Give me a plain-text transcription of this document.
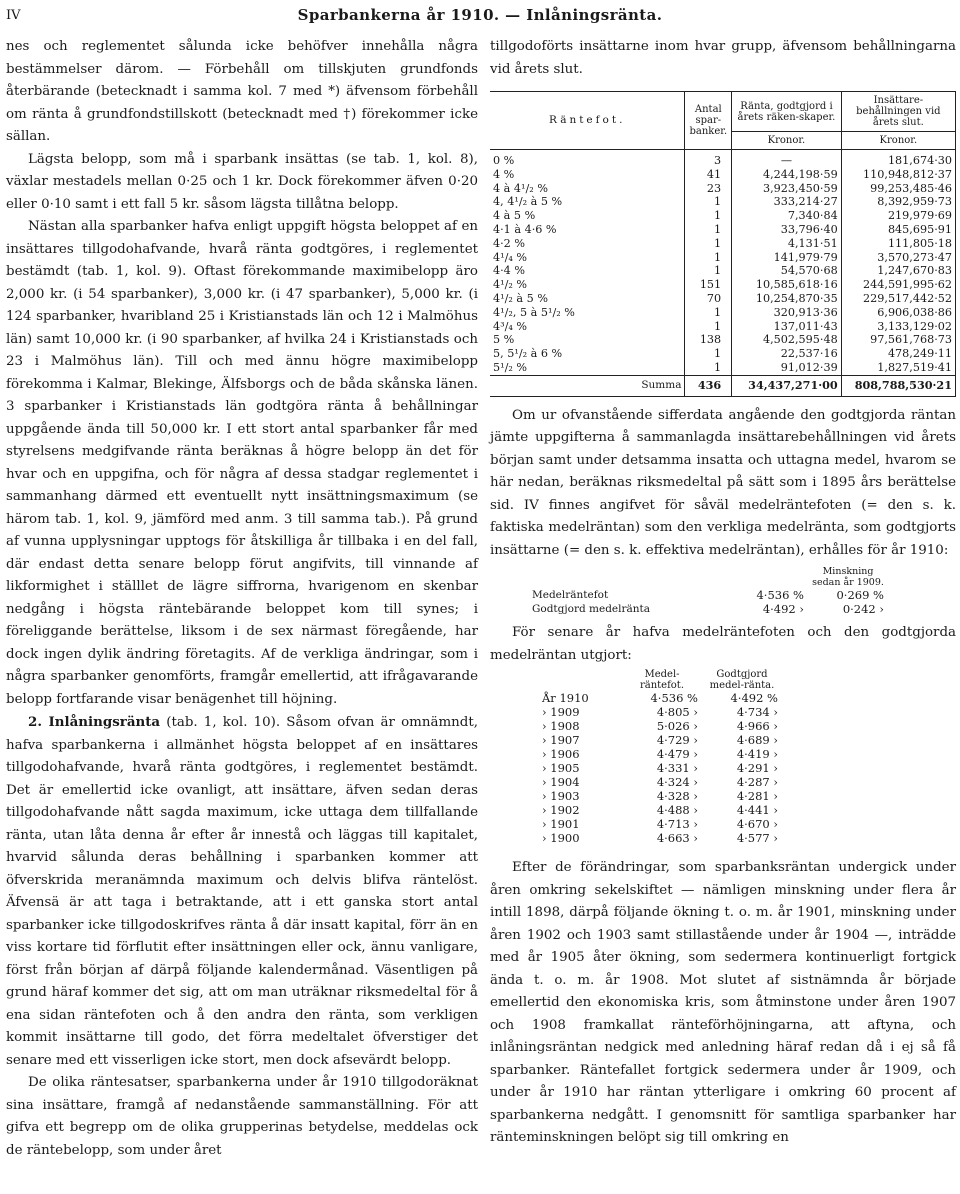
IV	Sparbankerna år 1910. — Inlåningsränta.

nes och reglementet sålunda icke behöfver innehålla några bestämmelser därom. — Förbehåll om tillskjuten grundfonds återbärande (betecknadt i samma kol. 7 med *) äfvensom förbehåll om ränta å grundfondstillskott (betecknadt med †) förekommer icke sällan.

Lägsta belopp, som må i sparbank insättas (se tab. 1, kol. 8), växlar mestadels mellan 0·25 och 1 kr. Dock förekommer äfven 0·20 eller 0·10 samt i ett fall 5 kr. såsom lägsta tillåtna belopp.

Nästan alla sparbanker hafva enligt uppgift högsta beloppet af en insättares tillgodohafvande, hvarå ränta godtgöres, i reglementet bestämdt (tab. 1, kol. 9). Oftast förekommande maximibelopp äro 2,000 kr. (i 54 sparbanker), 3,000 kr. (i 47 sparbanker), 5,000 kr. (i 124 sparbanker, hvaribland 25 i Kristianstads län och 12 i Malmöhus län) samt 10,000 kr. (i 90 sparbanker, af hvilka 24 i Kristianstads och 23 i Malmöhus län). Till och med ännu högre maximibelopp förekomma i Kalmar, Blekinge, Älfsborgs och de båda skånska länen. 3 sparbanker i Kristianstads län godtgöra ränta å behållningar uppgående ända till 50,000 kr. I ett stort antal sparbanker får med styrelsens medgifvande ränta beräknas å högre belopp än det för hvar och en uppgifna, och för några af dessa stadgar reglementet i sammanhang därmed ett eventuellt nytt insättningsmaximum (se härom tab. 1, kol. 9, jämförd med anm. 3 till samma tab.). På grund af vunna upplysningar upptogs för åtskilliga år tillbaka i en del fall, där endast detta senare belopp förut angifvits, till vinnande af likformighet i ställlet de lägre siffrorna, hvarigenom en skenbar nedgång i högsta räntebärande beloppet kom till synes; i föreliggande berättelse, liksom i de sex närmast föregående, har dock ingen dylik ändring företagits. Af de verkliga ändringar, som i några sparbanker genomförts, framgår emellertid, att ifrågavarande belopp fortfarande visar benägenhet till höjning.

2. Inlåningsränta (tab. 1, kol. 10). Såsom ofvan är omnämndt, hafva sparbankerna i allmänhet högsta beloppet af en insättares tillgodohafvande, hvarå ränta godtgöres, i reglementet bestämdt. Det är emellertid icke ovanligt, att insättare, äfven sedan deras tillgodohafvande nått sagda maximum, icke uttaga dem tillfallande ränta, utan låta denna år efter år innestå och läggas till kapitalet, hvarvid sålunda deras behållning i sparbanken kommer att öfverskrida meranämnda maximum och delvis blifva räntelöst. Äfvensä är att taga i betraktande, att i ett ganska stort antal sparbanker icke tillgodoskrifves ränta å där insatt kapital, förr än en viss kortare tid förflutit efter insättningen eller ock, ännu vanligare, först från början af därpå följande kalendermånad. Väsentligen på grund häraf kommer det sig, att om man uträknar riksmedeltal för å ena sidan räntefoten och å den andra den ränta, som verkligen kommit insättarne till godo, det förra medeltalet öfverstiger det senare med ett visserligen icke stort, men dock afsevärdt belopp.

De olika räntesatser, sparbankerna under år 1910 tillgodoräknat sina insättare, framgå af nedanstående sammanställning. För att gifva ett begrepp om de olika grupperinas betydelse, meddelas ock de räntebelopp, som under året

tillgodoförts insättarne inom hvar grupp, äfvensom behållningarna vid årets slut.

Räntefot.	Antal spar-banker.	Ränta, godtgjord i årets räken-skaper.	Insättare-behållningen vid årets slut.
		Kronor.	Kronor.
0 %	3	—	181,674·30
4 %	41	4,244,198·59	110,948,812·37
4 à 4¹/₂ %	23	3,923,450·59	99,253,485·46
4, 4¹/₂ à 5 %	1	333,214·27	8,392,959·73
4 à 5 %	1	7,340·84	219,979·69
4·1 à 4·6 %	1	33,796·40	845,695·91
4·2 %	1	4,131·51	111,805·18
4¹/₄ %	1	141,979·79	3,570,273·47
4·4 %	1	54,570·68	1,247,670·83
4¹/₂ %	151	10,585,618·16	244,591,995·62
4¹/₂ à 5 %	70	10,254,870·35	229,517,442·52
4¹/₂, 5 à 5¹/₂ %	1	320,913·36	6,906,038·86
4³/₄ %	1	137,011·43	3,133,129·02
5 %	138	4,502,595·48	97,561,768·73
5, 5¹/₂ à 6 %	1	22,537·16	478,249·11
5¹/₂ %	1	91,012·39	1,827,519·41
Summa	436	34,437,271·00	808,788,530·21

Om ur ofvanstående sifferdata angående den godtgjorda räntan jämte uppgifterna å sammanlagda insättarebehållningen vid årets början samt under detsamma insatta och uttagna medel, hvarom se här nedan, beräknas riksmedeltal på sätt som i 1895 års berättelse sid. IV finnes angifvet för såväl medelräntefoten (= den s. k. faktiska medelräntan) som den verkliga medelränta, som godtgjorts insättarne (= den s. k. effektiva medelräntan), erhålles för år 1910:

		Minskning sedan år 1909.
Medelräntefot	4·536 %	0·269 %
Godtgjord medelränta	4·492 ›	0·242 ›

För senare år hafva medelräntefoten och den godtgjorda medelräntan utgjort:

	Medel-räntefot.	Godtgjord medel-ränta.
År 1910	4·536 %	4·492 %
› 1909	4·805 ›	4·734 ›
› 1908	5·026 ›	4·966 ›
› 1907	4·729 ›	4·689 ›
› 1906	4·479 ›	4·419 ›
› 1905	4·331 ›	4·291 ›
› 1904	4·324 ›	4·287 ›
› 1903	4·328 ›	4·281 ›
› 1902	4·488 ›	4·441 ›
› 1901	4·713 ›	4·670 ›
› 1900	4·663 ›	4·577 ›

Efter de förändringar, som sparbanksräntan undergick under åren omkring sekelskiftet — nämligen minskning under flera år intill 1898, därpå följande ökning t. o. m. år 1901, minskning under åren 1902 och 1903 samt stillastående under år 1904 —, inträdde med år 1905 åter ökning, som sedermera kontinuerligt fortgick ända t. o. m. år 1908. Mot slutet af sistnämnda år började emellertid den ekonomiska kris, som åtminstone under åren 1907 och 1908 framkallat ränteförhöjningarna, att aftyna, och inlåningsräntan nedgick med anledning häraf redan då i ej så få sparbanker. Räntefallet fortgick sedermera under år 1909, och under år 1910 har räntan ytterligare i omkring 60 procent af sparbankerna nedgått. I genomsnitt för samtliga sparbanker har ränteminskningen belöpt sig till omkring en
